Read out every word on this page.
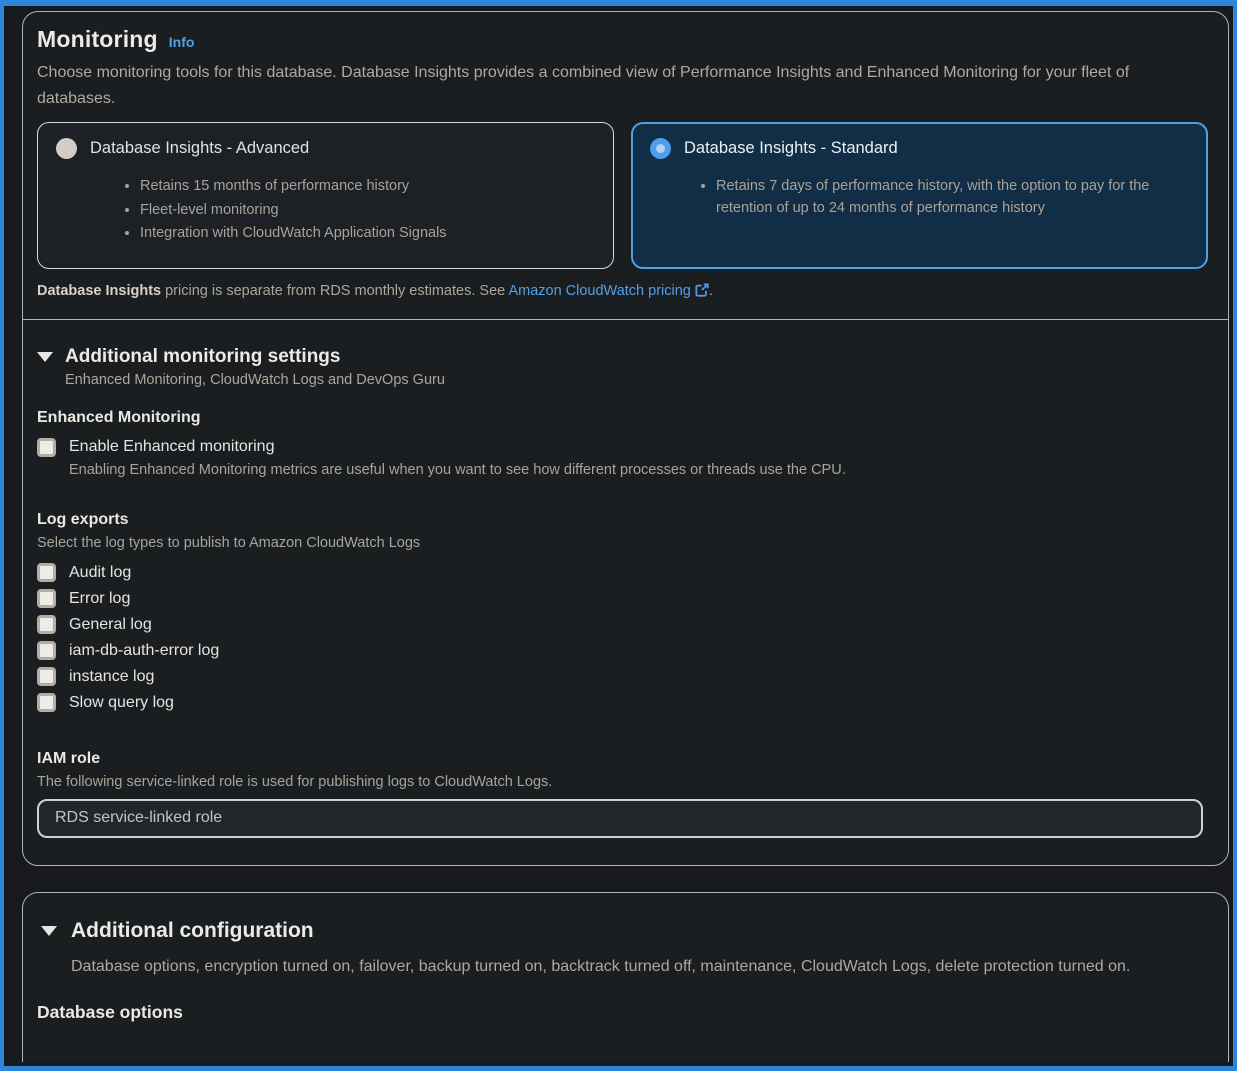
Monitoring Info
Choose monitoring tools for this database. Database Insights provides a combined view of Performance Insights and Enhanced Monitoring for your fleet of databases.
Database Insights - Advanced
• Retains 15 months of performance history
• Fleet-level monitoring
• Integration with CloudWatch Application Signals
Database Insights - Standard
• Retains 7 days of performance history, with the option to pay for the retention of up to 24 months of performance history
Database Insights pricing is separate from RDS monthly estimates. See Amazon CloudWatch pricing .
Additional monitoring settings
Enhanced Monitoring, CloudWatch Logs and DevOps Guru
Enhanced Monitoring
Enable Enhanced monitoring
Enabling Enhanced Monitoring metrics are useful when you want to see how different processes or threads use the CPU.
Log exports
Select the log types to publish to Amazon CloudWatch Logs
Audit log
Error log
General log
iam-db-auth-error log
instance log
Slow query log
IAM role
The following service-linked role is used for publishing logs to CloudWatch Logs.
RDS service-linked role
Additional configuration
Database options, encryption turned on, failover, backup turned on, backtrack turned off, maintenance, CloudWatch Logs, delete protection turned on.
Database options
